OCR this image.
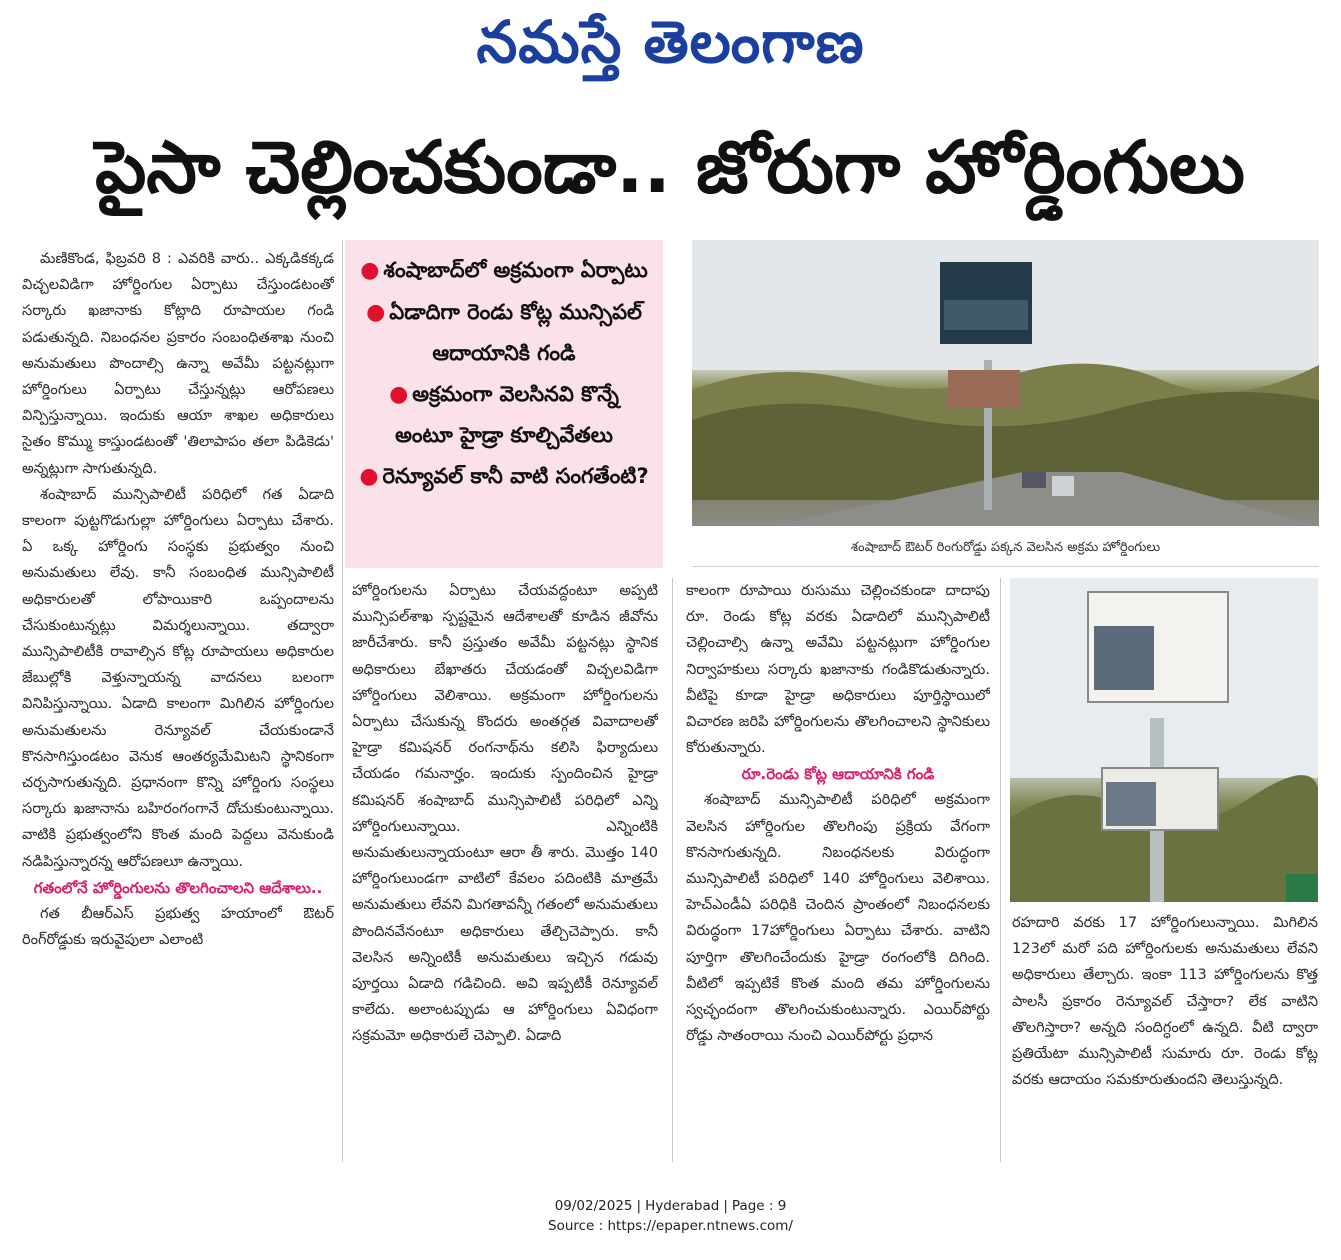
నమస్తే తెలంగాణ
పైసా చెల్లించకుండా.. జోరుగా హోర్డింగులు

మణికొండ, ఫిబ్రవరి 8 : ఎవరికి వారు.. ఎక్కడికక్కడ విచ్చలవిడిగా హోర్డింగుల ఏర్పాటు చేస్తుండటంతో సర్కారు ఖజానాకు కోట్లాది రూపాయల గండి పడుతున్నది. నిబంధనల ప్రకారం సంబంధితశాఖ నుంచి అనుమతులు పొందాల్సి ఉన్నా అవేమీ పట్టనట్లుగా హోర్డింగులు ఏర్పాటు చేస్తున్నట్లు ఆరోపణలు విన్పిస్తున్నాయి. ఇందుకు ఆయా శాఖల అధికారులు సైతం కొమ్ము కాస్తుండటంతో 'తిలాపాపం తలా పిడికెడు' అన్నట్లుగా సాగుతున్నది.

శంషాబాద్ మున్సిపాలిటీ పరిధిలో గత ఏడాది కాలంగా పుట్టగొడుగుల్లా హోర్డింగులు ఏర్పాటు చేశారు. ఏ ఒక్క హోర్డింగు సంస్థకు ప్రభుత్వం నుంచి అనుమతులు లేవు. కానీ సంబంధిత మున్సిపాలిటీ అధికారులతో లోపాయికారి ఒప్పందాలను చేసుకుంటున్నట్లు విమర్శలున్నాయి. తద్వారా మున్సిపాలిటీకి రావాల్సిన కోట్ల రూపాయలు అధికారుల జేబుల్లోకి వెళ్తున్నాయన్న వాదనలు బలంగా వినిపిస్తున్నాయి. ఏడాది కాలంగా మిగిలిన హోర్డింగుల అనుమతులను రెన్యూవల్ చేయకుండానే కొనసాగిస్తుండటం వెనుక ఆంతర్యమేమిటని స్థానికంగా చర్చసాగుతున్నది. ప్రధానంగా కొన్ని హోర్డింగు సంస్థలు సర్కారు ఖజానాను బహిరంగంగానే దోచుకుంటున్నాయి. వాటికి ప్రభుత్వంలోని కొంత మంది పెద్దలు వెనుకుండి నడిపిస్తున్నారన్న ఆరోపణలూ ఉన్నాయి.

గతంలోనే హోర్డింగులను తొలగించాలని ఆదేశాలు..

గత బీఆర్ఎస్ ప్రభుత్వ హయాంలో ఔటర్ రింగ్‌రోడ్డుకు ఇరువైపులా ఎలాంటి

● శంషాబాద్‌లో అక్రమంగా ఏర్పాటు
● ఏడాదిగా రెండు కోట్ల మున్సిపల్ ఆదాయానికి గండి
● అక్రమంగా వెలసినవి కొన్నే అంటూ హైడ్రా కూల్చివేతలు
● రెన్యూవల్ కానీ వాటి సంగతేంటి?
శంషాబాద్ ఔటర్ రింగురోడ్డు పక్కన వెలసిన అక్రమ హోర్డింగులు

హోర్డింగులను ఏర్పాటు చేయవద్దంటూ అప్పటి మున్సిపల్‌శాఖ స్పష్టమైన ఆదేశాలతో కూడిన జీవోను జారీచేశారు. కానీ ప్రస్తుతం అవేమీ పట్టనట్లు స్థానిక అధికారులు బేఖాతరు చేయడంతో విచ్చలవిడిగా హోర్డింగులు వెలిశాయి. అక్రమంగా హోర్డింగులను ఏర్పాటు చేసుకున్న కొందరు అంతర్గత వివాదాలతో హైడ్రా కమిషనర్ రంగనాథ్‌ను కలిసి ఫిర్యాదులు చేయడం గమనార్హం. ఇందుకు స్పందించిన హైడ్రా కమిషనర్ శంషాబాద్ మున్సిపాలిటీ పరిధిలో ఎన్ని హోర్డింగులున్నాయి. ఎన్నింటికి అనుమతులున్నాయంటూ ఆరా తీ శారు. మొత్తం 140 హోర్డింగులుండగా వాటిలో కేవలం పదింటికి మాత్రమే అనుమతులు లేవని మిగతావన్నీ గతంలో అనుమతులు పొందినవేనంటూ అధికారులు తేల్చిచెప్పారు. కానీ వెలసిన అన్నింటికీ అనుమతులు ఇచ్చిన గడువు పూర్తయి ఏడాది గడిచింది. అవి ఇప్పటికీ రెన్యూవల్ కాలేదు. అలాంటప్పుడు ఆ హోర్డింగులు ఏవిధంగా సక్రమమో అధికారులే చెప్పాలి. ఏడాది

కాలంగా రూపాయి రుసుము చెల్లించకుండా దాదాపు రూ. రెండు కోట్ల వరకు ఏడాదిలో మున్సిపాలిటీ చెల్లించాల్సి ఉన్నా అవేమి పట్టనట్లుగా హోర్డింగుల నిర్వాహకులు సర్కారు ఖజానాకు గండికొడుతున్నారు. వీటిపై కూడా హైడ్రా అధికారులు పూర్తిస్థాయిలో విచారణ జరిపి హోర్డింగులను తొలగించాలని స్థానికులు కోరుతున్నారు.

రూ.రెండు కోట్ల ఆదాయానికి గండి

శంషాబాద్ మున్సిపాలిటీ పరిధిలో అక్రమంగా వెలసిన హోర్డింగుల తొలగింపు ప్రక్రియ వేగంగా కొనసాగుతున్నది. నిబంధనలకు విరుద్ధంగా మున్సిపాలిటీ పరిధిలో 140 హోర్డింగులు వెలిశాయి. హెచ్ఎండీఏ పరిధికి చెందిన ప్రాంతంలో నిబంధనలకు విరుద్ధంగా 17హోర్డింగులు ఏర్పాటు చేశారు. వాటిని పూర్తిగా తొలగించేందుకు హైడ్రా రంగంలోకి దిగింది. వీటిలో ఇప్పటికే కొంత మంది తమ హోర్డింగులను స్వచ్ఛందంగా తొలగించుకుంటున్నారు. ఎయిర్‌పోర్టు రోడ్డు సాతంరాయి నుంచి ఎయిర్‌పోర్టు ప్రధాన

రహదారి వరకు 17 హోర్డింగులున్నాయి. మిగిలిన 123లో మరో పది హోర్డింగులకు అనుమతులు లేవని అధికారులు తేల్చారు. ఇంకా 113 హోర్డింగులను కొత్త పాలసీ ప్రకారం రెన్యూవల్ చేస్తారా? లేక వాటిని తొలగిస్తారా? అన్నది సందిగ్ధంలో ఉన్నది. వీటి ద్వారా ప్రతియేటా మున్సిపాలిటీ సుమారు రూ. రెండు కోట్ల వరకు ఆదాయం సమకూరుతుందని తెలుస్తున్నది.

09/02/2025 | Hyderabad | Page : 9
Source : https://epaper.ntnews.com/
